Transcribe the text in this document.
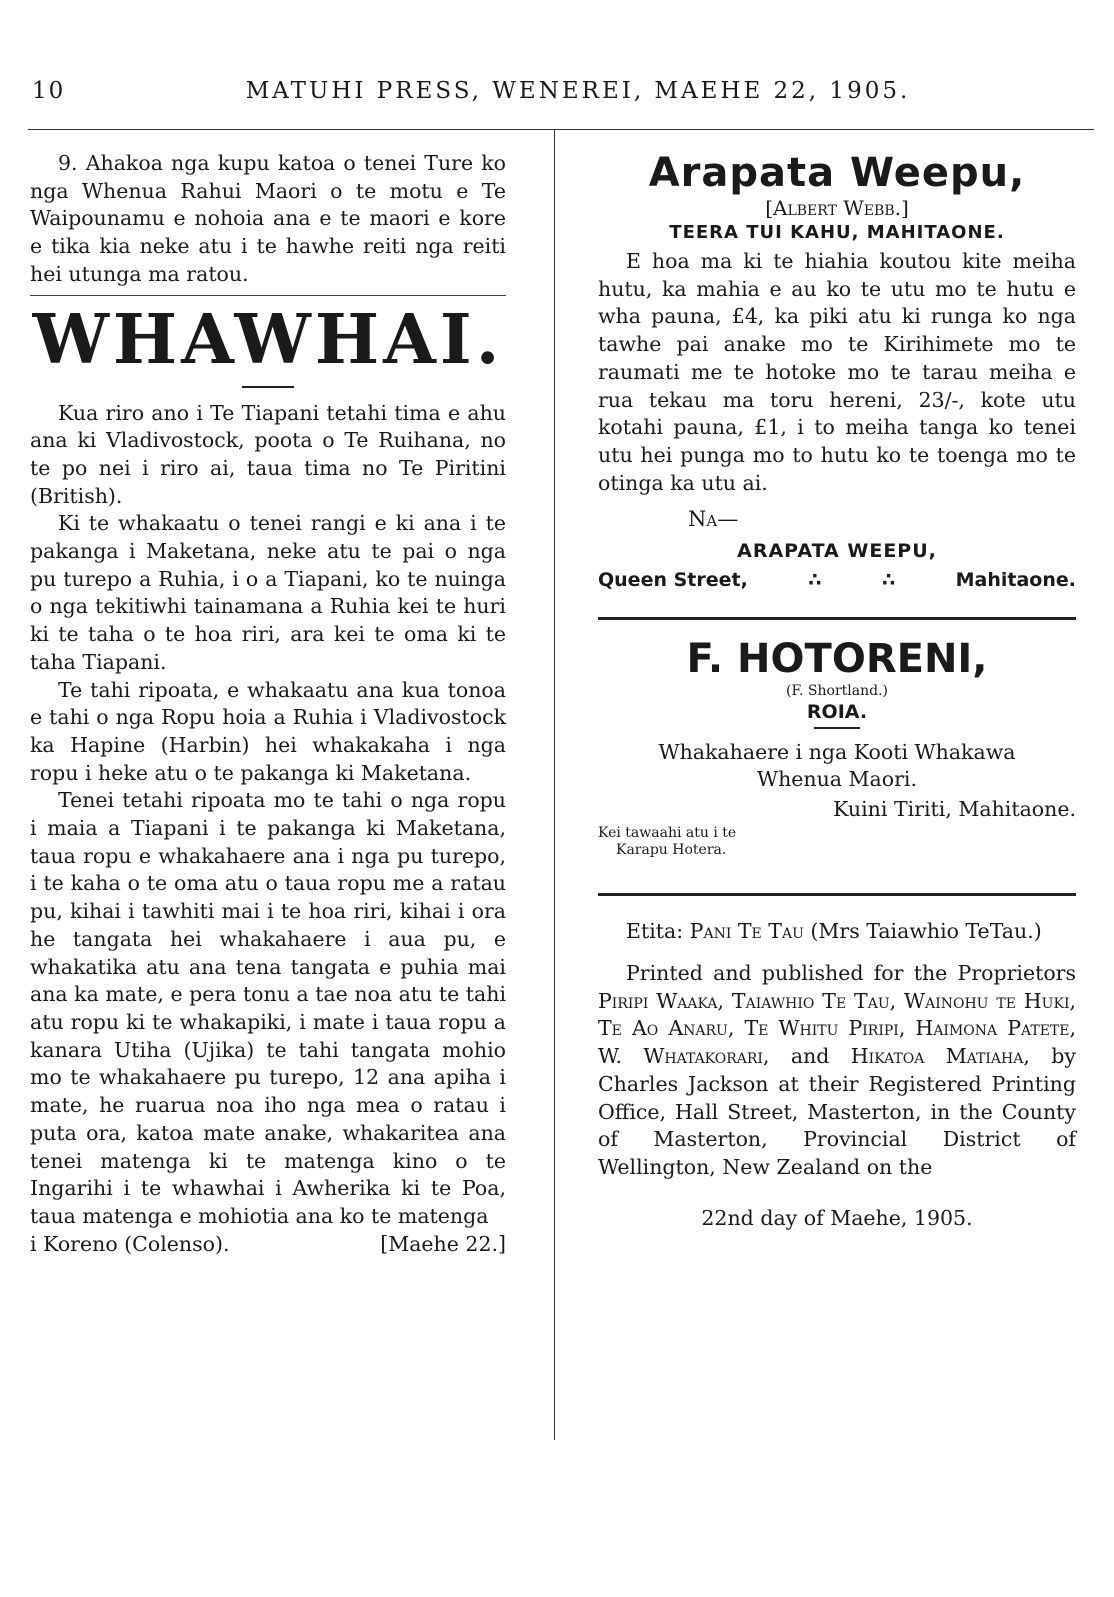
10	MATUHI PRESS, WENEREI, MAEHE 22, 1905.

9. Ahakoa nga kupu katoa o tenei Ture ko nga Whenua Rahui Maori o te motu e Te Waipounamu e nohoia ana e te maori e kore e tika kia neke atu i te hawhe reiti nga reiti hei utunga ma ratou.

WHAWHAI.

Kua riro ano i Te Tiapani tetahi tima e ahu ana ki Vladivostock, poota o Te Ruihana, no te po nei i riro ai, taua tima no Te Piritini (British).

Ki te whakaatu o tenei rangi e ki ana i te pakanga i Maketana, neke atu te pai o nga pu turepo a Ruhia, i o a Tiapani, ko te nuinga o nga tekitiwhi tainamana a Ruhia kei te huri ki te taha o te hoa riri, ara kei te oma ki te taha Tiapani.

Te tahi ripoata, e whakaatu ana kua tonoa e tahi o nga Ropu hoia a Ruhia i Vladivostock ka Hapine (Harbin) hei whakakaha i nga ropu i heke atu o te pakanga ki Maketana.

Tenei tetahi ripoata mo te tahi o nga ropu i maia a Tiapani i te pakanga ki Maketana, taua ropu e whakahaere ana i nga pu turepo, i te kaha o te oma atu o taua ropu me a ratau pu, kihai i tawhiti mai i te hoa riri, kihai i ora he tangata hei whakahaere i aua pu, e whakatika atu ana tena tangata e puhia mai ana ka mate, e pera tonu a tae noa atu te tahi atu ropu ki te whakapiki, i mate i taua ropu a kanara Utiha (Ujika) te tahi tangata mohio mo te whakahaere pu turepo, 12 ana apiha i mate, he ruarua noa iho nga mea o ratau i puta ora, katoa mate anake, whakaritea ana tenei matenga ki te matenga kino o te Ingarihi i te whawhai i Awherika ki te Poa, taua matenga e mohiotia ana ko te matenga

i Koreno (Colenso).	[Maehe 22.]
Arapata Weepu,
[Albert Webb.]
TEERA TUI KAHU, MAHITAONE.

E hoa ma ki te hiahia koutou kite meiha hutu, ka mahia e au ko te utu mo te hutu e wha pauna, £4, ka piki atu ki runga ko nga tawhe pai anake mo te Kirihimete mo te raumati me te hotoke mo te tarau meiha e rua tekau ma toru hereni, 23/-, kote utu kotahi pauna, £1, i to meiha tanga ko tenei utu hei punga mo to hutu ko te toenga mo te otinga ka utu ai.

Na—
ARAPATA WEEPU,
Queen Street,	∴	∴	Mahitaone.
F. HOTORENI,
(F. Shortland.)
ROIA.
Whakahaere i nga Kooti Whakawa
Whenua Maori.
Kuini Tiriti, Mahitaone.
Kei tawaahi atu i te
Karapu Hotera.

Etita: Pani Te Tau (Mrs Taiawhio TeTau.)

Printed and published for the Proprietors Piripi Waaka, Taiawhio Te Tau, Wainohu te Huki, Te Ao Anaru, Te Whitu Piripi, Haimona Patete, W. Whatakorari, and Hikatoa Matiaha, by Charles Jackson at their Registered Printing Office, Hall Street, Masterton, in the County of Masterton, Provincial District of Wellington, New Zealand on the

22nd day of Maehe, 1905.
